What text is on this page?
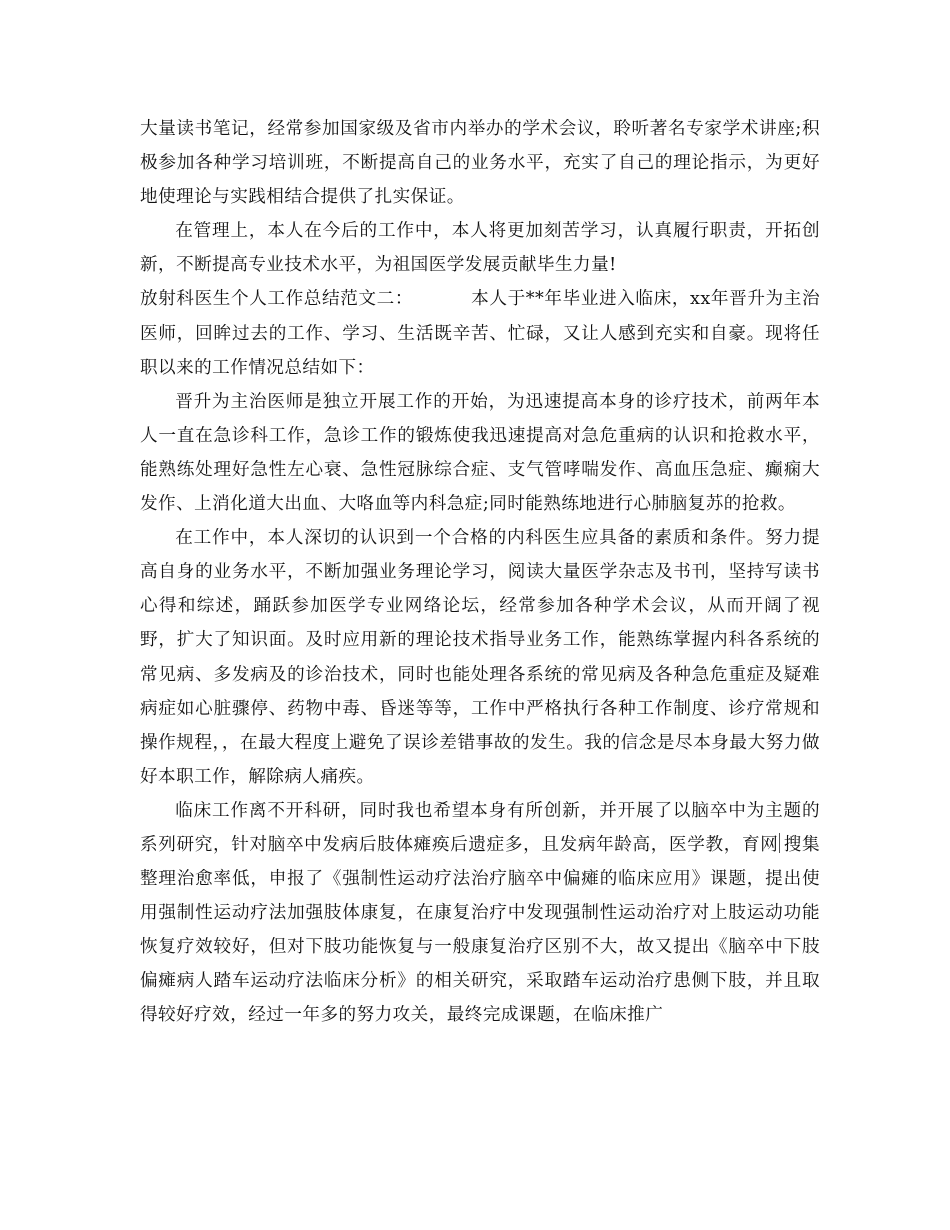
大量读书笔记，经常参加国家级及省市内举办的学术会议，聆听著名专家学术讲座;积极参加各种学习培训班，不断提高自己的业务水平，充实了自己的理论指示，为更好地使理论与实践相结合提供了扎实保证。

在管理上，本人在今后的工作中，本人将更加刻苦学习，认真履行职责，开拓创新，不断提高专业技术水平，为祖国医学发展贡献毕生力量!

放射科医生个人工作总结范文二：	本人于**年毕业进入临床，xx年晋升为主治医师，回眸过去的工作、学习、生活既辛苦、忙碌，又让人感到充实和自豪。现将任职以来的工作情况总结如下：

晋升为主治医师是独立开展工作的开始，为迅速提高本身的诊疗技术，前两年本人一直在急诊科工作，急诊工作的锻炼使我迅速提高对急危重病的认识和抢救水平，能熟练处理好急性左心衰、急性冠脉综合症、支气管哮喘发作、高血压急症、癫痫大发作、上消化道大出血、大咯血等内科急症;同时能熟练地进行心肺脑复苏的抢救。

在工作中，本人深切的认识到一个合格的内科医生应具备的素质和条件。努力提高自身的业务水平，不断加强业务理论学习，阅读大量医学杂志及书刊，坚持写读书心得和综述，踊跃参加医学专业网络论坛，经常参加各种学术会议，从而开阔了视野，扩大了知识面。及时应用新的理论技术指导业务工作，能熟练掌握内科各系统的常见病、多发病及的诊治技术，同时也能处理各系统的常见病及各种急危重症及疑难病症如心脏骤停、药物中毒、昏迷等等，工作中严格执行各种工作制度、诊疗常规和操作规程，，在最大程度上避免了误诊差错事故的发生。我的信念是尽本身最大努力做好本职工作，解除病人痛疾。

临床工作离不开科研，同时我也希望本身有所创新，并开展了以脑卒中为主题的系列研究，针对脑卒中发病后肢体瘫痪后遗症多，且发病年龄高，医学教，育网 搜集整理治愈率低，申报了《强制性运动疗法治疗脑卒中偏瘫的临床应用》课题，提出使用强制性运动疗法加强肢体康复，在康复治疗中发现强制性运动治疗对上肢运动功能恢复疗效较好，但对下肢功能恢复与一般康复治疗区别不大，故又提出《脑卒中下肢偏瘫病人踏车运动疗法临床分析》的相关研究，采取踏车运动治疗患侧下肢，并且取得较好疗效，经过一年多的努力攻关，最终完成课题，在临床推广
